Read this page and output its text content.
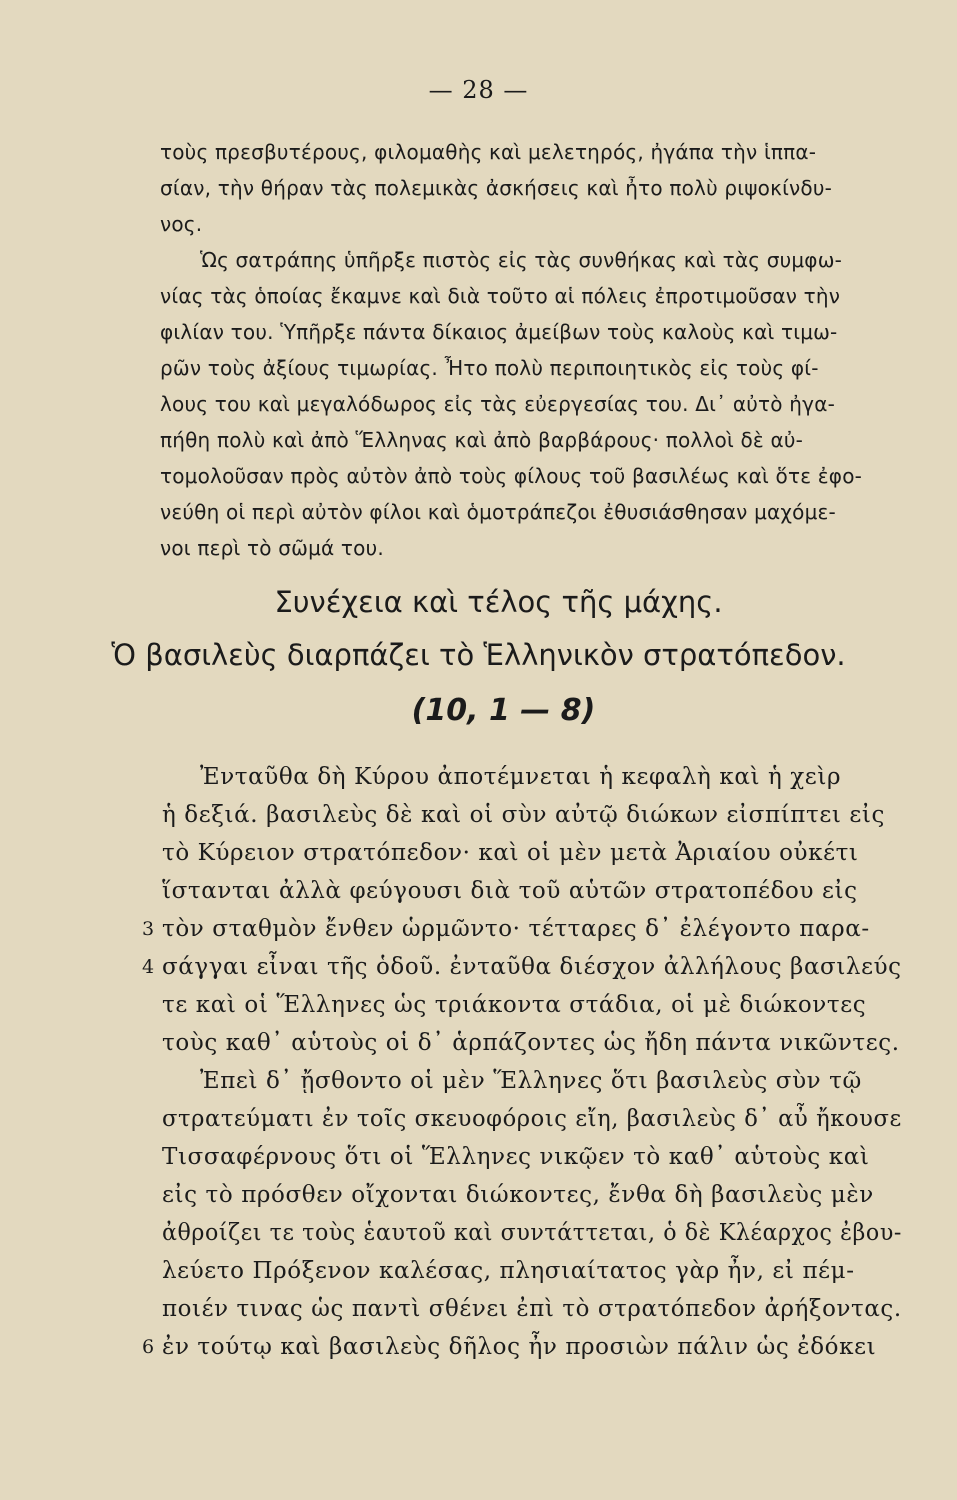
— 28 —
τοὺς πρεσβυτέρους, φιλομαθὴς καὶ μελετηρός, ἠγάπα τὴν ἱππα-
σίαν, τὴν θήραν τὰς πολεμικὰς ἀσκήσεις καὶ ἦτο πολὺ ριψοκίνδυ-
νος.
Ὡς σατράπης ὑπῆρξε πιστὸς εἰς τὰς συνθήκας καὶ τὰς συμφω-
νίας τὰς ὁποίας ἔκαμνε καὶ διὰ τοῦτο αἱ πόλεις ἐπροτιμοῦσαν τὴν
φιλίαν του. Ὑπῆρξε πάντα δίκαιος ἀμείβων τοὺς καλοὺς καὶ τιμω-
ρῶν τοὺς ἀξίους τιμωρίας. Ἦτο πολὺ περιποιητικὸς εἰς τοὺς φί-
λους του καὶ μεγαλόδωρος εἰς τὰς εὐεργεσίας του. Δι᾽ αὐτὸ ἠγα-
πήθη πολὺ καὶ ἀπὸ Ἕλληνας καὶ ἀπὸ βαρβάρους· πολλοὶ δὲ αὐ-
τομολοῦσαν πρὸς αὐτὸν ἀπὸ τοὺς φίλους τοῦ βασιλέως καὶ ὅτε ἐφο-
νεύθη οἱ περὶ αὐτὸν φίλοι καὶ ὁμοτράπεζοι ἐθυσιάσθησαν μαχόμε-
νοι περὶ τὸ σῶμά του.
Συνέχεια καὶ τέλος τῆς μάχης.
Ὁ βασιλεὺς διαρπάζει τὸ Ἑλληνικὸν στρατόπεδον.
(10, 1 — 8)
Ἐνταῦθα δὴ Κύρου ἀποτέμνεται ἡ κεφαλὴ καὶ ἡ χεὶρ
ἡ δεξιά. βασιλεὺς δὲ καὶ οἱ σὺν αὐτῷ διώκων εἰσπίπτει εἰς
τὸ Κύρειον στρατόπεδον· καὶ οἱ μὲν μετὰ Ἀριαίου οὐκέτι
ἵστανται ἀλλὰ φεύγουσι διὰ τοῦ αὑτῶν στρατοπέδου εἰς
τὸν σταθμὸν ἔνθεν ὡρμῶντο· τέτταρες δ᾽ ἐλέγοντο παρα-
σάγγαι εἶναι τῆς ὁδοῦ. ἐνταῦθα διέσχον ἀλλήλους βασιλεύς
τε καὶ οἱ Ἕλληνες ὡς τριάκοντα στάδια, οἱ μὲ διώκοντες
τοὺς καθ᾽ αὑτοὺς οἱ δ᾽ ἁρπάζοντες ὡς ἤδη πάντα νικῶντες.
Ἐπεὶ δ᾽ ᾔσθοντο οἱ μὲν Ἕλληνες ὅτι βασιλεὺς σὺν τῷ
στρατεύματι ἐν τοῖς σκευοφόροις εἴη, βασιλεὺς δ᾽ αὖ ἤκουσε
Τισσαφέρνους ὅτι οἱ Ἕλληνες νικῷεν τὸ καθ᾽ αὑτοὺς καὶ
εἰς τὸ πρόσθεν οἴχονται διώκοντες, ἔνθα δὴ βασιλεὺς μὲν
ἀθροίζει τε τοὺς ἑαυτοῦ καὶ συντάττεται, ὁ δὲ Κλέαρχος ἐβου-
λεύετο Πρόξενον καλέσας, πλησιαίτατος γὰρ ἦν, εἰ πέμ-
ποιέν τινας ὡς παντὶ σθένει ἐπὶ τὸ στρατόπεδον ἀρήξοντας.
ἐν τούτῳ καὶ βασιλεὺς δῆλος ἦν προσιὼν πάλιν ὡς ἐδόκει
3
4
6
